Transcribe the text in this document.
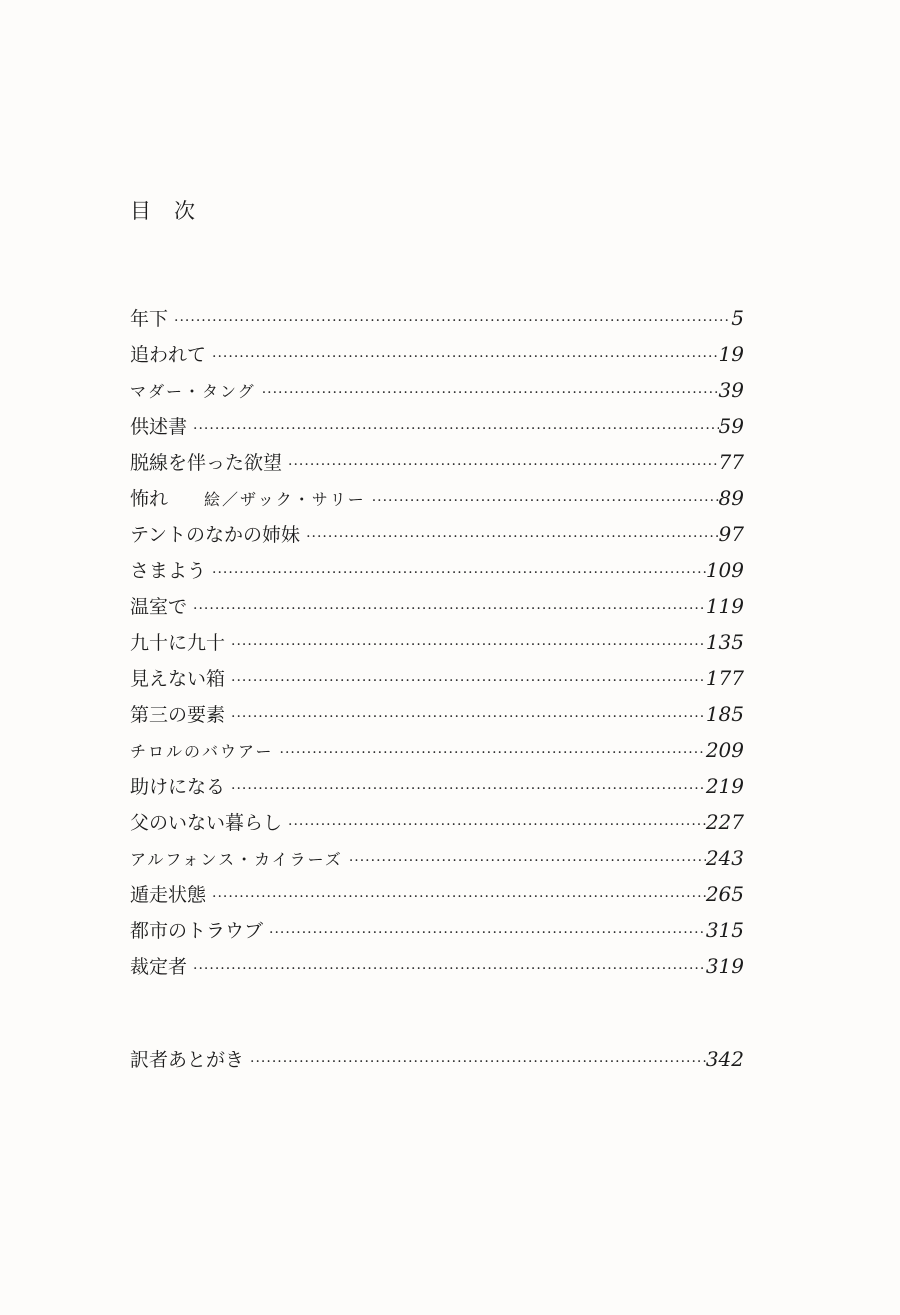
目　次
年下 ·····	5
追われて ·····	19
マダー・タング ·····	39
供述書 ·····	59
脱線を伴った欲望 ·····	77
怖れ	絵／ザック・サリー ·····	89
テントのなかの姉妹 ·····	97
さまよう ·····	109
温室で ·····	119
九十に九十 ·····	135
見えない箱 ·····	177
第三の要素 ·····	185
チロルのバウアー ·····	209
助けになる ·····	219
父のいない暮らし ·····	227
アルフォンス・カイラーズ ·····	243
遁走状態 ·····	265
都市のトラウブ ·····	315
裁定者 ·····	319
訳者あとがき ·····	342
